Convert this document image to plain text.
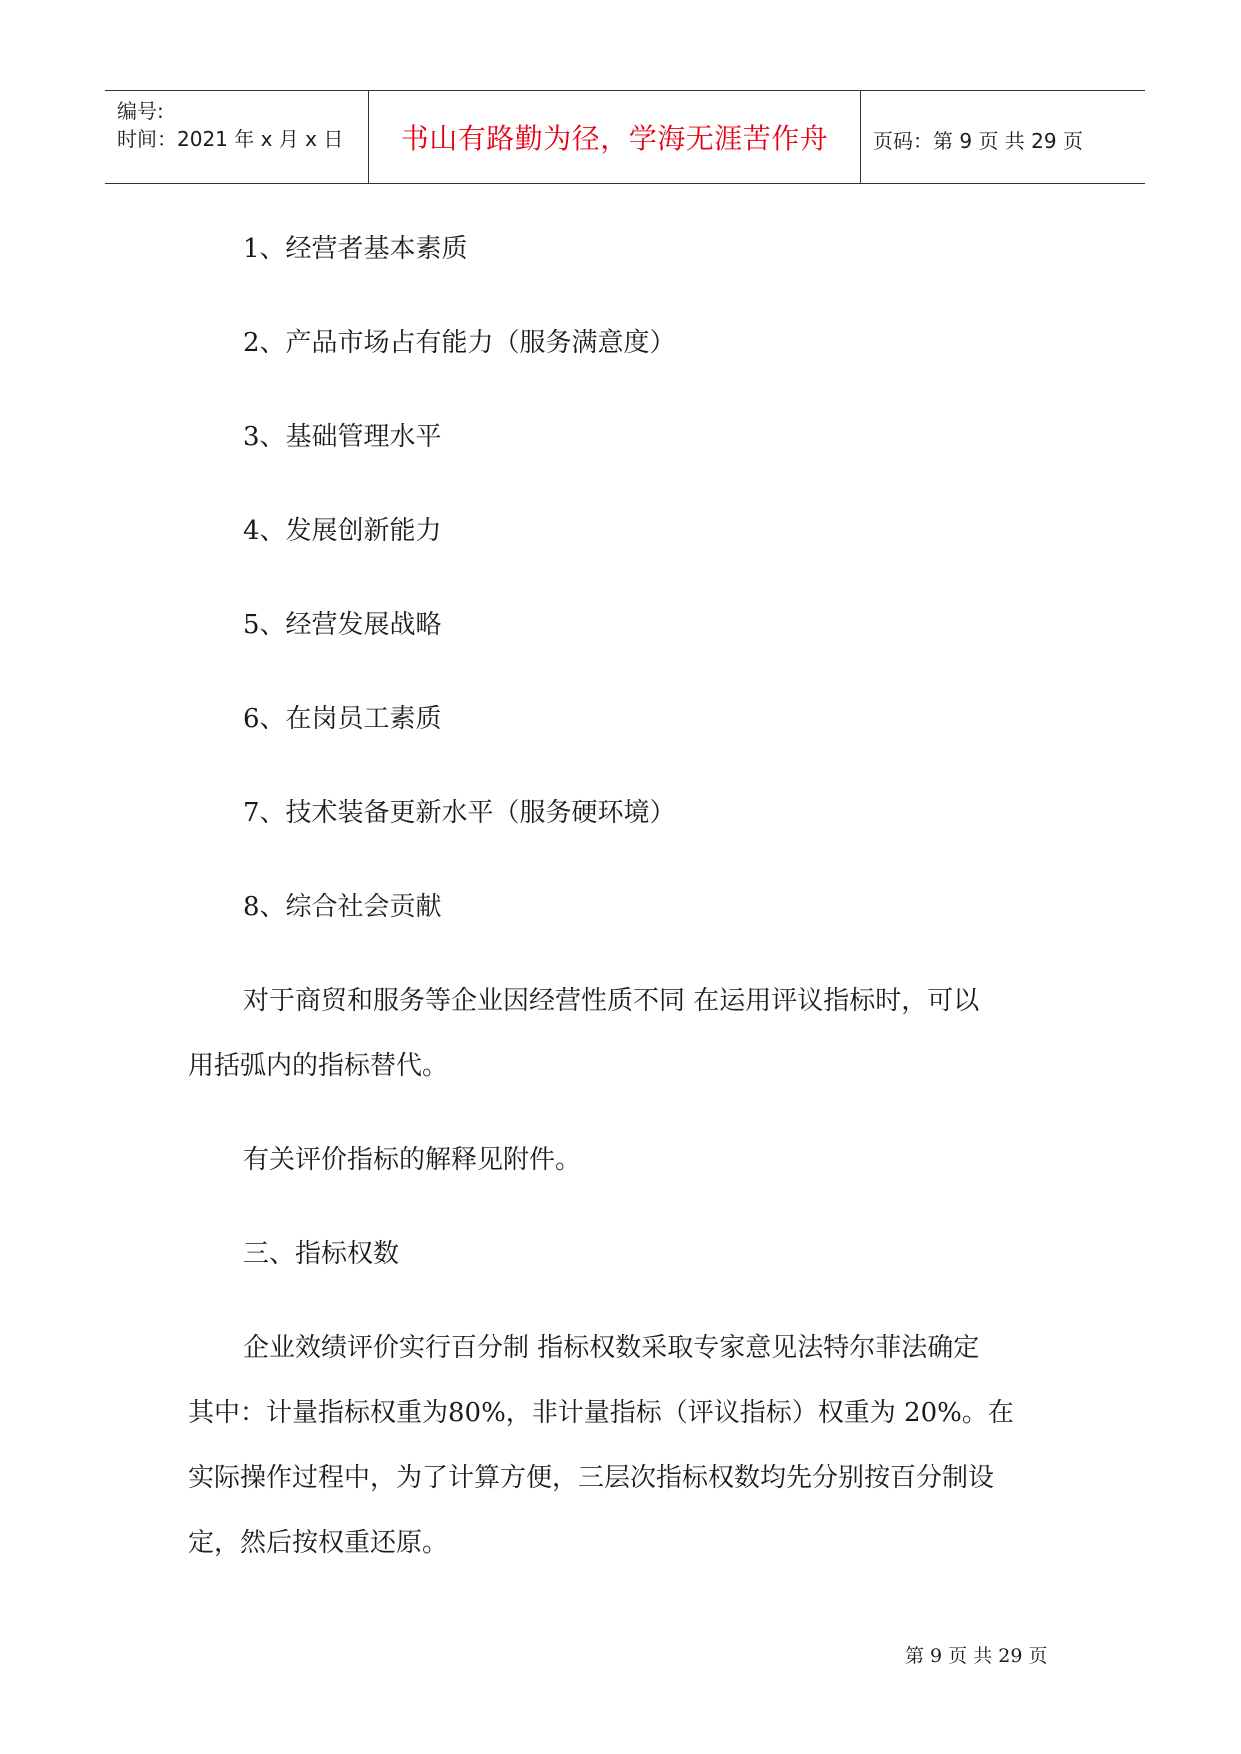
编号:
时间：2021 年 x 月 x 日	书山有路勤为径，学海无涯苦作舟	页码：第 9 页 共 29 页
1、经营者基本素质
2、产品市场占有能力（服务满意度）
3、基础管理水平
4、发展创新能力
5、经营发展战略
6、在岗员工素质
7、技术装备更新水平（服务硬环境）
8、综合社会贡献
对于商贸和服务等企业因经营性质不同 在运用评议指标时，可以
用括弧内的指标替代。
有关评价指标的解释见附件。
三、指标权数
企业效绩评价实行百分制 指标权数采取专家意见法特尔菲法确定
其中：计量指标权重为80%，非计量指标（评议指标）权重为 20%。在
实际操作过程中，为了计算方便，三层次指标权数均先分别按百分制设
定，然后按权重还原。
第 9 页 共 29 页
